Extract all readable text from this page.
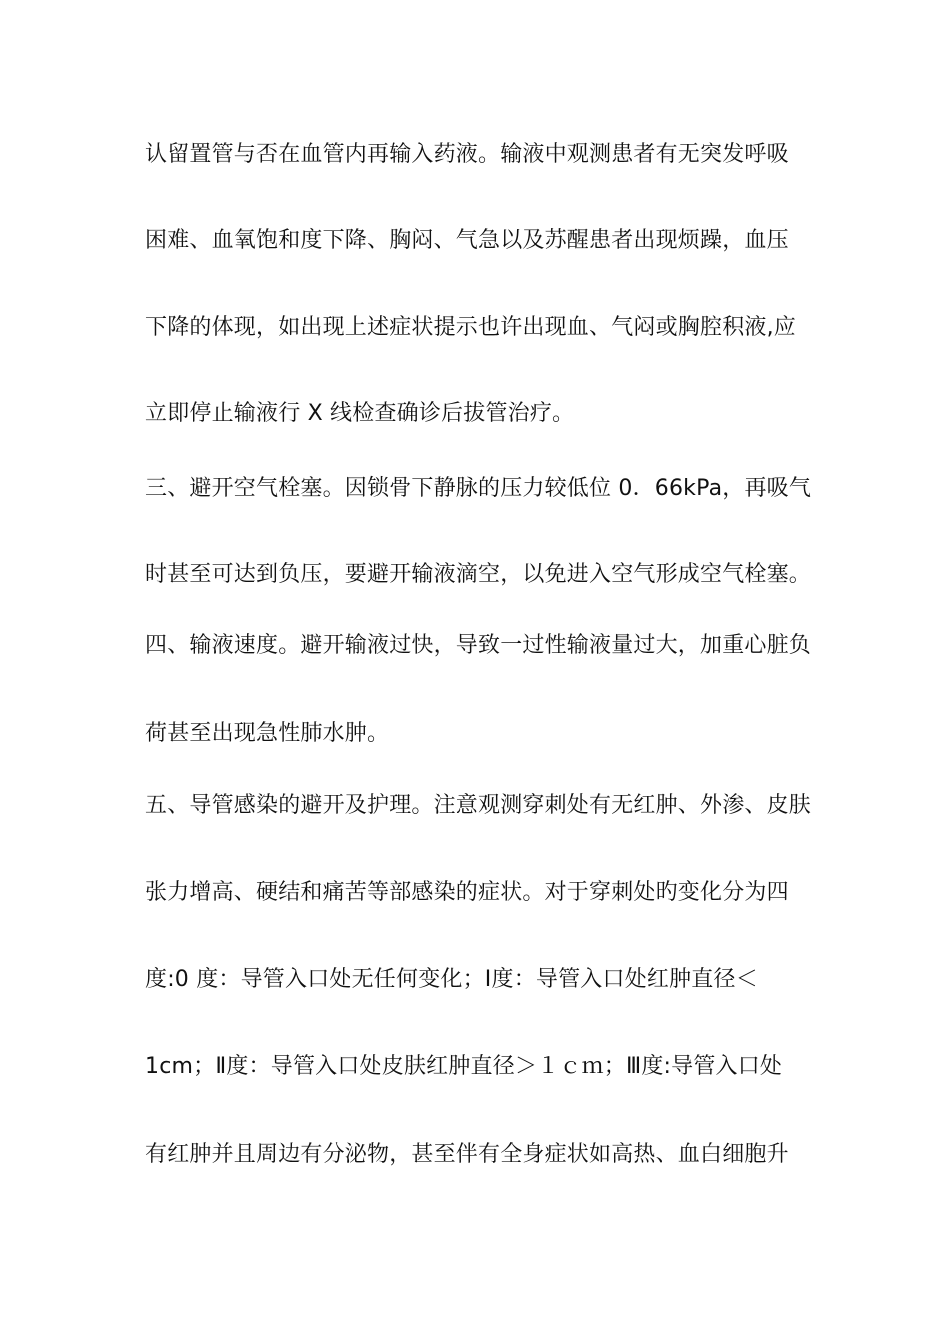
认留置管与否在血管内再输入药液。输液中观测患者有无突发呼吸
困难、血氧饱和度下降、胸闷、气急以及苏醒患者出现烦躁，血压
下降的体现，如出现上述症状提示也许出现血、气闷或胸腔积液,应
立即停止输液行 X 线检查确诊后拔管治疗。
三、避开空气栓塞。因锁骨下静脉的压力较低位 0．66kPa，再吸气
时甚至可达到负压，要避开输液滴空，以免进入空气形成空气栓塞。
四、输液速度。避开输液过快，导致一过性输液量过大，加重心脏负
荷甚至出现急性肺水肿。
五、导管感染的避开及护理。注意观测穿刺处有无红肿、外渗、皮肤
张力增高、硬结和痛苦等部感染的症状。对于穿刺处旳变化分为四
度:0 度：导管入口处无任何变化；Ⅰ度：导管入口处红肿直径＜
1cm；Ⅱ度：导管入口处皮肤红肿直径＞１ｃｍ；Ⅲ度:导管入口处
有红肿并且周边有分泌物，甚至伴有全身症状如高热、血白细胞升
